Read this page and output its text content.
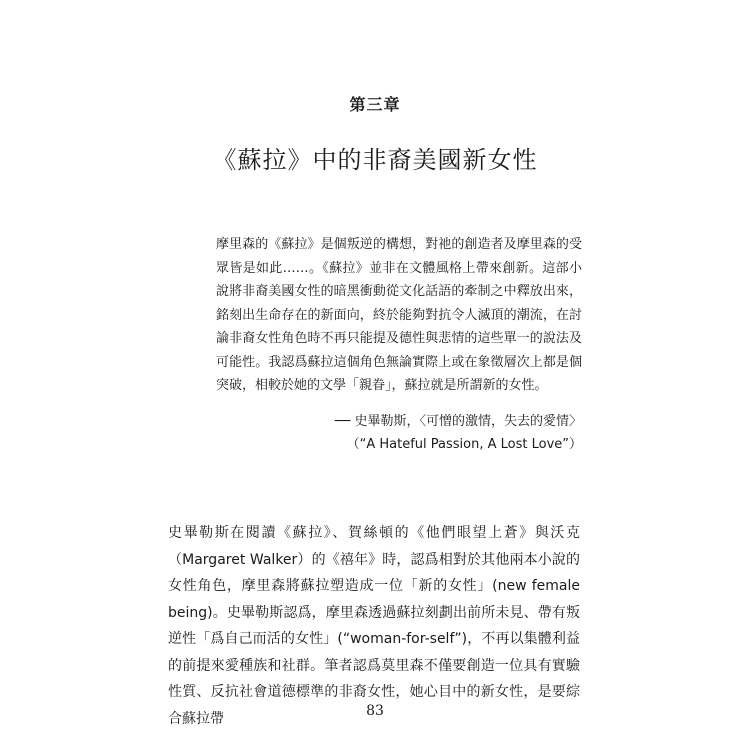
第三章
《蘇拉》中的非裔美國新女性

摩里森的《蘇拉》是個叛逆的構想，對祂的創造者及摩里森的受眾皆是如此……。《蘇拉》並非在文體風格上帶來創新。這部小說將非裔美國女性的暗黑衝動從文化話語的牽制之中釋放出來，銘刻出生命存在的新面向，終於能夠對抗令人滅頂的潮流，在討論非裔女性角色時不再只能提及德性與悲情的這些單一的說法及可能性。我認爲蘇拉這個角色無論實際上或在象徵層次上都是個突破，相較於她的文學「親眷」，蘇拉就是所謂新的女性。

── 史畢勒斯，〈可憎的激情，失去的愛情〉
（“A Hateful Passion, A Lost Love”）

史畢勒斯在閱讀《蘇拉》、賀絲頓的《他們眼望上蒼》與沃克（Margaret Walker）的《禧年》時，認爲相對於其他兩本小說的女性角色，摩里森將蘇拉塑造成一位「新的女性」(new female being)。史畢勒斯認爲，摩里森透過蘇拉刻劃出前所未見、帶有叛逆性「爲自己而活的女性」(“woman-for-self”)，不再以集體利益的前提來愛種族和社群。筆者認爲莫里森不僅要創造一位具有實驗性質、反抗社會道德標準的非裔女性，她心目中的新女性，是要綜合蘇拉帶	83
